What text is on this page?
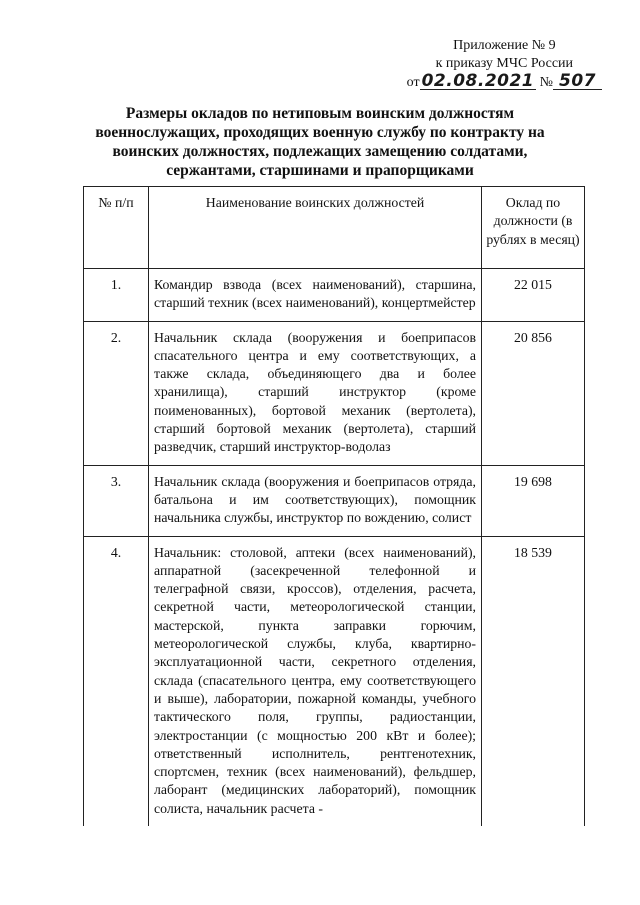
Приложение № 9
к приказу МЧС России
от 02.08.2021 № 507
Размеры окладов по нетиповым воинским должностям военнослужащих, проходящих военную службу по контракту на воинских должностях, подлежащих замещению солдатами, сержантами, старшинами и прапорщиками
№ п/п	Наименование воинских должностей	Оклад по должности (в рублях в месяц)
1.	Командир взвода (всех наименований), старшина, старший техник (всех наименований), концертмейстер	22 015
2.	Начальник склада (вооружения и боеприпасов спасательного центра и ему соответствующих, а также склада, объединяющего два и более хранилища), старший инструктор (кроме поименованных), бортовой механик (вертолета), старший бортовой механик (вертолета), старший разведчик, старший инструктор-водолаз	20 856
3.	Начальник склада (вооружения и боеприпасов отряда, батальона и им соответствующих), помощник начальника службы, инструктор по вождению, солист	19 698
4.	Начальник: столовой, аптеки (всех наименований), аппаратной (засекреченной телефонной и телеграфной связи, кроссов), отделения, расчета, секретной части, метеорологической станции, мастерской, пункта заправки горючим, метеорологической службы, клуба, квартирно-эксплуатационной части, секретного отделения, склада (спасательного центра, ему соответствующего и выше), лаборатории, пожарной команды, учебного тактического поля, группы, радиостанции, электростанции (с мощностью 200 кВт и более); ответственный исполнитель, рентгенотехник, спортсмен, техник (всех наименований), фельдшер, лаборант (медицинских лабораторий), помощник солиста, начальник расчета -	18 539
